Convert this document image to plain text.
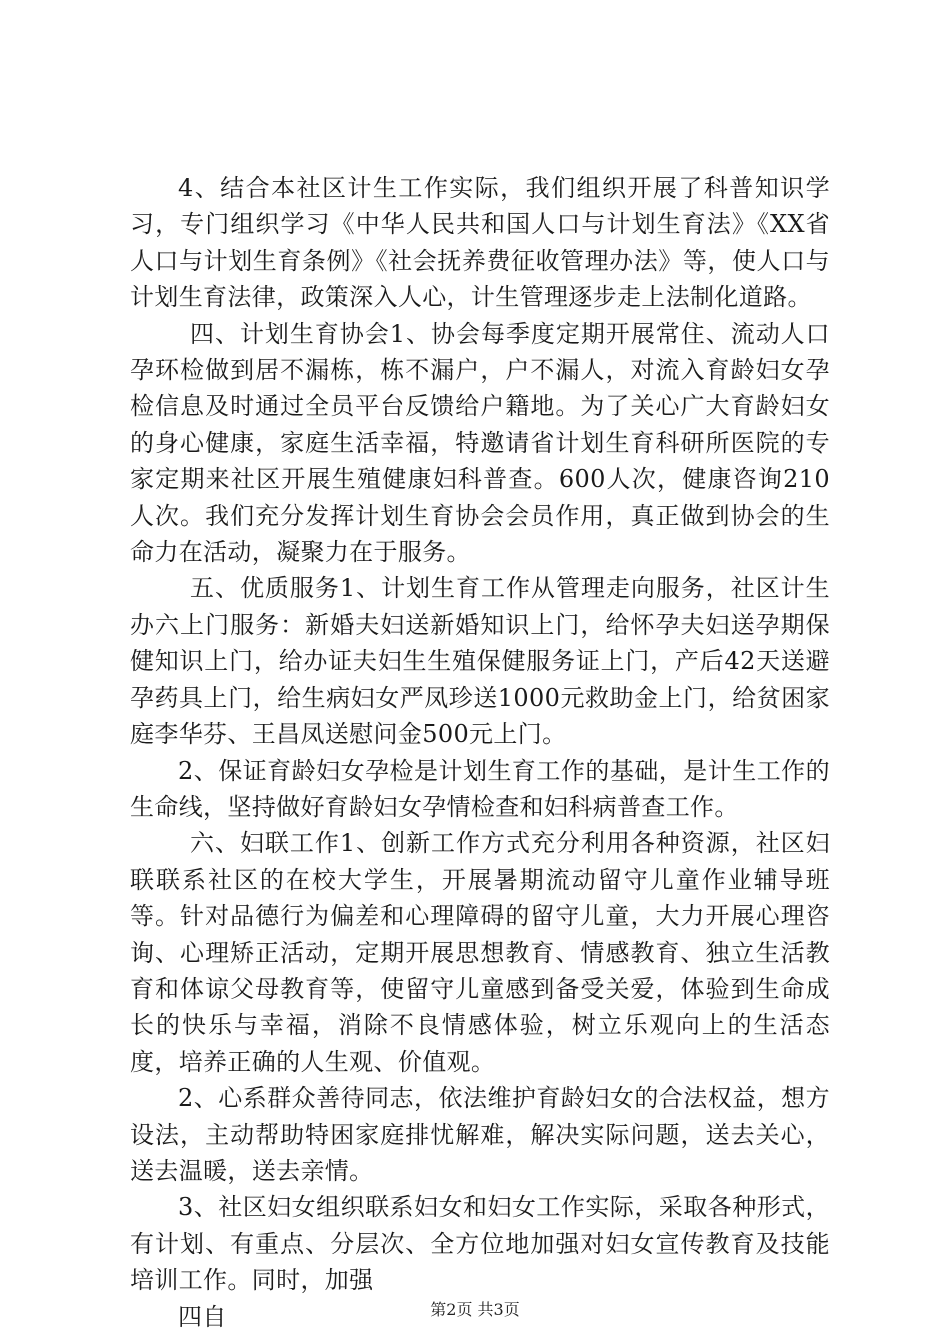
4、结合本社区计生工作实际，我们组织开展了科普知识学习，专门组织学习《中华人民共和国人口与计划生育法》《XX省人口与计划生育条例》《社会抚养费征收管理办法》等，使人口与计划生育法律，政策深入人心，计生管理逐步走上法制化道路。

四、计划生育协会1、协会每季度定期开展常住、流动人口孕环检做到居不漏栋，栋不漏户，户不漏人，对流入育龄妇女孕检信息及时通过全员平台反馈给户籍地。为了关心广大育龄妇女的身心健康，家庭生活幸福，特邀请省计划生育科研所医院的专家定期来社区开展生殖健康妇科普查。600人次，健康咨询210人次。我们充分发挥计划生育协会会员作用，真正做到协会的生命力在活动，凝聚力在于服务。

五、优质服务1、计划生育工作从管理走向服务，社区计生办六上门服务：新婚夫妇送新婚知识上门，给怀孕夫妇送孕期保健知识上门，给办证夫妇生生殖保健服务证上门，产后42天送避孕药具上门，给生病妇女严凤珍送1000元救助金上门，给贫困家庭李华芬、王昌凤送慰问金500元上门。

2、保证育龄妇女孕检是计划生育工作的基础，是计生工作的生命线，坚持做好育龄妇女孕情检查和妇科病普查工作。

六、妇联工作1、创新工作方式充分利用各种资源，社区妇联联系社区的在校大学生，开展暑期流动留守儿童作业辅导班等。针对品德行为偏差和心理障碍的留守儿童，大力开展心理咨询、心理矫正活动，定期开展思想教育、情感教育、独立生活教育和体谅父母教育等，使留守儿童感到备受关爱，体验到生命成长的快乐与幸福，消除不良情感体验，树立乐观向上的生活态度，培养正确的人生观、价值观。

2、心系群众善待同志，依法维护育龄妇女的合法权益，想方设法，主动帮助特困家庭排忧解难，解决实际问题，送去关心，送去温暖，送去亲情。

3、社区妇女组织联系妇女和妇女工作实际，采取各种形式，有计划、有重点、分层次、全方位地加强对妇女宣传教育及技能培训工作。同时，加强

四自	第2页 共3页
